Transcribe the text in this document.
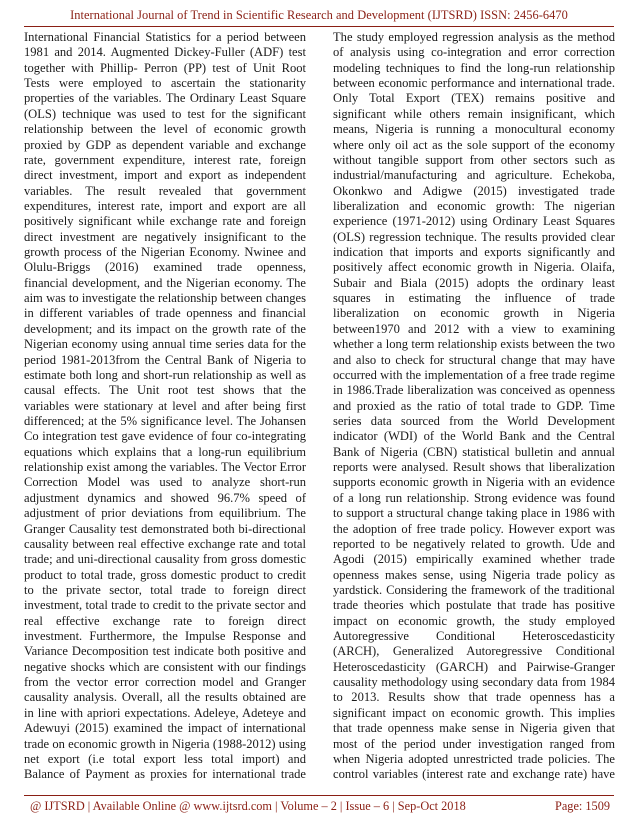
International Journal of Trend in Scientific Research and Development (IJTSRD) ISSN: 2456-6470

International Financial Statistics for a period between 1981 and 2014. Augmented Dickey-Fuller (ADF) test together with Phillip- Perron (PP) test of Unit Root Tests were employed to ascertain the stationarity properties of the variables. The Ordinary Least Square (OLS) technique was used to test for the significant relationship between the level of economic growth proxied by GDP as dependent variable and exchange rate, government expenditure, interest rate, foreign direct investment, import and export as independent variables. The result revealed that government expenditures, interest rate, import and export are all positively significant while exchange rate and foreign direct investment are negatively insignificant to the growth process of the Nigerian Economy. Nwinee and Olulu-Briggs (2016) examined trade openness, financial development, and the Nigerian economy. The aim was to investigate the relationship between changes in different variables of trade openness and financial development; and its impact on the growth rate of the Nigerian economy using annual time series data for the period 1981-2013from the Central Bank of Nigeria to estimate both long and short-run relationship as well as causal effects. The Unit root test shows that the variables were stationary at level and after being first differenced; at the 5% significance level. The Johansen Co integration test gave evidence of four co-integrating equations which explains that a long-run equilibrium relationship exist among the variables. The Vector Error Correction Model was used to analyze short-run adjustment dynamics and showed 96.7% speed of adjustment of prior deviations from equilibrium. The Granger Causality test demonstrated both bi-directional causality between real effective exchange rate and total trade; and uni-directional causality from gross domestic product to total trade, gross domestic product to credit to the private sector, total trade to foreign direct investment, total trade to credit to the private sector and real effective exchange rate to foreign direct investment. Furthermore, the Impulse Response and Variance Decomposition test indicate both positive and negative shocks which are consistent with our findings from the vector error correction model and Granger causality analysis. Overall, all the results obtained are in line with apriori expectations. Adeleye, Adeteye and Adewuyi (2015) examined the impact of international trade on economic growth in Nigeria (1988-2012) using net export (i.e total export less total import) and Balance of Payment as proxies for international trade

The study employed regression analysis as the method of analysis using co-integration and error correction modeling techniques to find the long-run relationship between economic performance and international trade. Only Total Export (TEX) remains positive and significant while others remain insignificant, which means, Nigeria is running a monocultural economy where only oil act as the sole support of the economy without tangible support from other sectors such as industrial/manufacturing and agriculture. Echekoba, Okonkwo and Adigwe (2015) investigated trade liberalization and economic growth: The nigerian experience (1971-2012) using Ordinary Least Squares (OLS) regression technique. The results provided clear indication that imports and exports significantly and positively affect economic growth in Nigeria. Olaifa, Subair and Biala (2015) adopts the ordinary least squares in estimating the influence of trade liberalization on economic growth in Nigeria between1970 and 2012 with a view to examining whether a long term relationship exists between the two and also to check for structural change that may have occurred with the implementation of a free trade regime in 1986.Trade liberalization was conceived as openness and proxied as the ratio of total trade to GDP. Time series data sourced from the World Development indicator (WDI) of the World Bank and the Central Bank of Nigeria (CBN) statistical bulletin and annual reports were analysed. Result shows that liberalization supports economic growth in Nigeria with an evidence of a long run relationship. Strong evidence was found to support a structural change taking place in 1986 with the adoption of free trade policy. However export was reported to be negatively related to growth. Ude and Agodi (2015) empirically examined whether trade openness makes sense, using Nigeria trade policy as yardstick. Considering the framework of the traditional trade theories which postulate that trade has positive impact on economic growth, the study employed Autoregressive Conditional Heteroscedasticity (ARCH), Generalized Autoregressive Conditional Heteroscedasticity (GARCH) and Pairwise-Granger causality methodology using secondary data from 1984 to 2013. Results show that trade openness has a significant impact on economic growth. This implies that trade openness make sense in Nigeria given that most of the period under investigation ranged from when Nigeria adopted unrestricted trade policies. The control variables (interest rate and exchange rate) have

@ IJTSRD | Available Online @ www.ijtsrd.com | Volume – 2 | Issue – 6 | Sep-Oct 2018	Page: 1509
